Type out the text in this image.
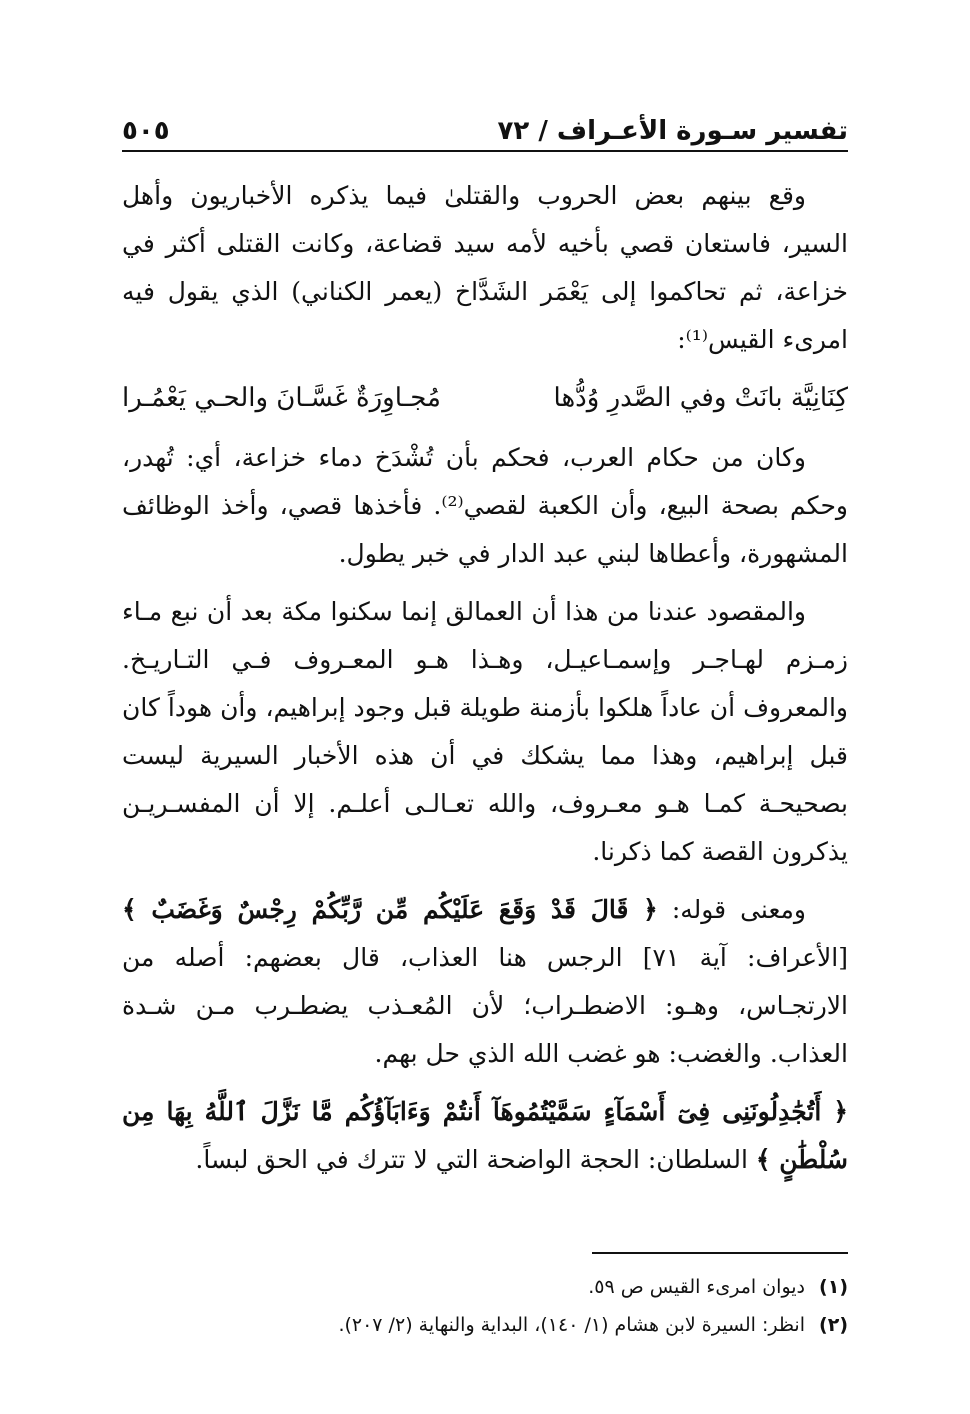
تفسير سـورة الأعـراف / ٧٢
٥٠٥

وقع بينهم بعض الحروب والقتلىٰ فيما يذكره الأخباريون وأهل السير، فاستعان قصي بأخيه لأمه سيد قضاعة، وكانت القتلى أكثر في خزاعة، ثم تحاكموا إلى يَعْمَر الشَدَّاخ (يعمر الكناني) الذي يقول فيه امرىء القيس⁽¹⁾:

كِنَانِيَّة بانَتْ وفي الصَّدرِ وُدُّها
مُجـاوِرَةٌ غَسَّـانَ والحـي يَعْمُـرا

وكان من حكام العرب، فحكم بأن تُشْدَخ دماء خزاعة، أي: تُهدر، وحكم بصحة البيع، وأن الكعبة لقصي⁽²⁾. فأخذها قصي، وأخذ الوظائف المشهورة، وأعطاها لبني عبد الدار في خبر يطول.

والمقصود عندنا من هذا أن العمالق إنما سكنوا مكة بعد أن نبع مـاء زمـزم لهـاجـر وإسمـاعيـل، وهـذا هـو المعـروف فـي التـاريـخ. والمعروف أن عاداً هلكوا بأزمنة طويلة قبل وجود إبراهيم، وأن هوداً كان قبل إبراهيم، وهذا مما يشكك في أن هذه الأخبار السيرية ليست بصحيحـة كمـا هـو معـروف، والله تعـالـى أعلـم. إلا أن المفسـريـن يذكرون القصة كما ذكرنا.

ومعنى قوله: ﴿ قَالَ قَدْ وَقَعَ عَلَيْكُم مِّن رَّبِّكُمْ رِجْسٌ وَغَضَبٌ ﴾ [الأعراف: آية ٧١] الرجس هنا العذاب، قال بعضهم: أصله من الارتجـاس، وهـو: الاضطـراب؛ لأن المُعـذب يضطـرب مـن شـدة العذاب. والغضب: هو غضب الله الذي حل بهم.

﴿ أَتُجَٰدِلُونَنِى فِىٓ أَسْمَآءٍ سَمَّيْتُمُوهَآ أَنتُمْ وَءَابَآؤُكُم مَّا نَزَّلَ ٱللَّهُ بِهَا مِن سُلْطَٰنٍ ﴾ السلطان: الحجة الواضحة التي لا تترك في الحق لبساً.

(١)
ديوان امرىء القيس ص ٥٩.
(٢)
انظر: السيرة لابن هشام (١/ ١٤٠)، البداية والنهاية (٢/ ٢٠٧).
